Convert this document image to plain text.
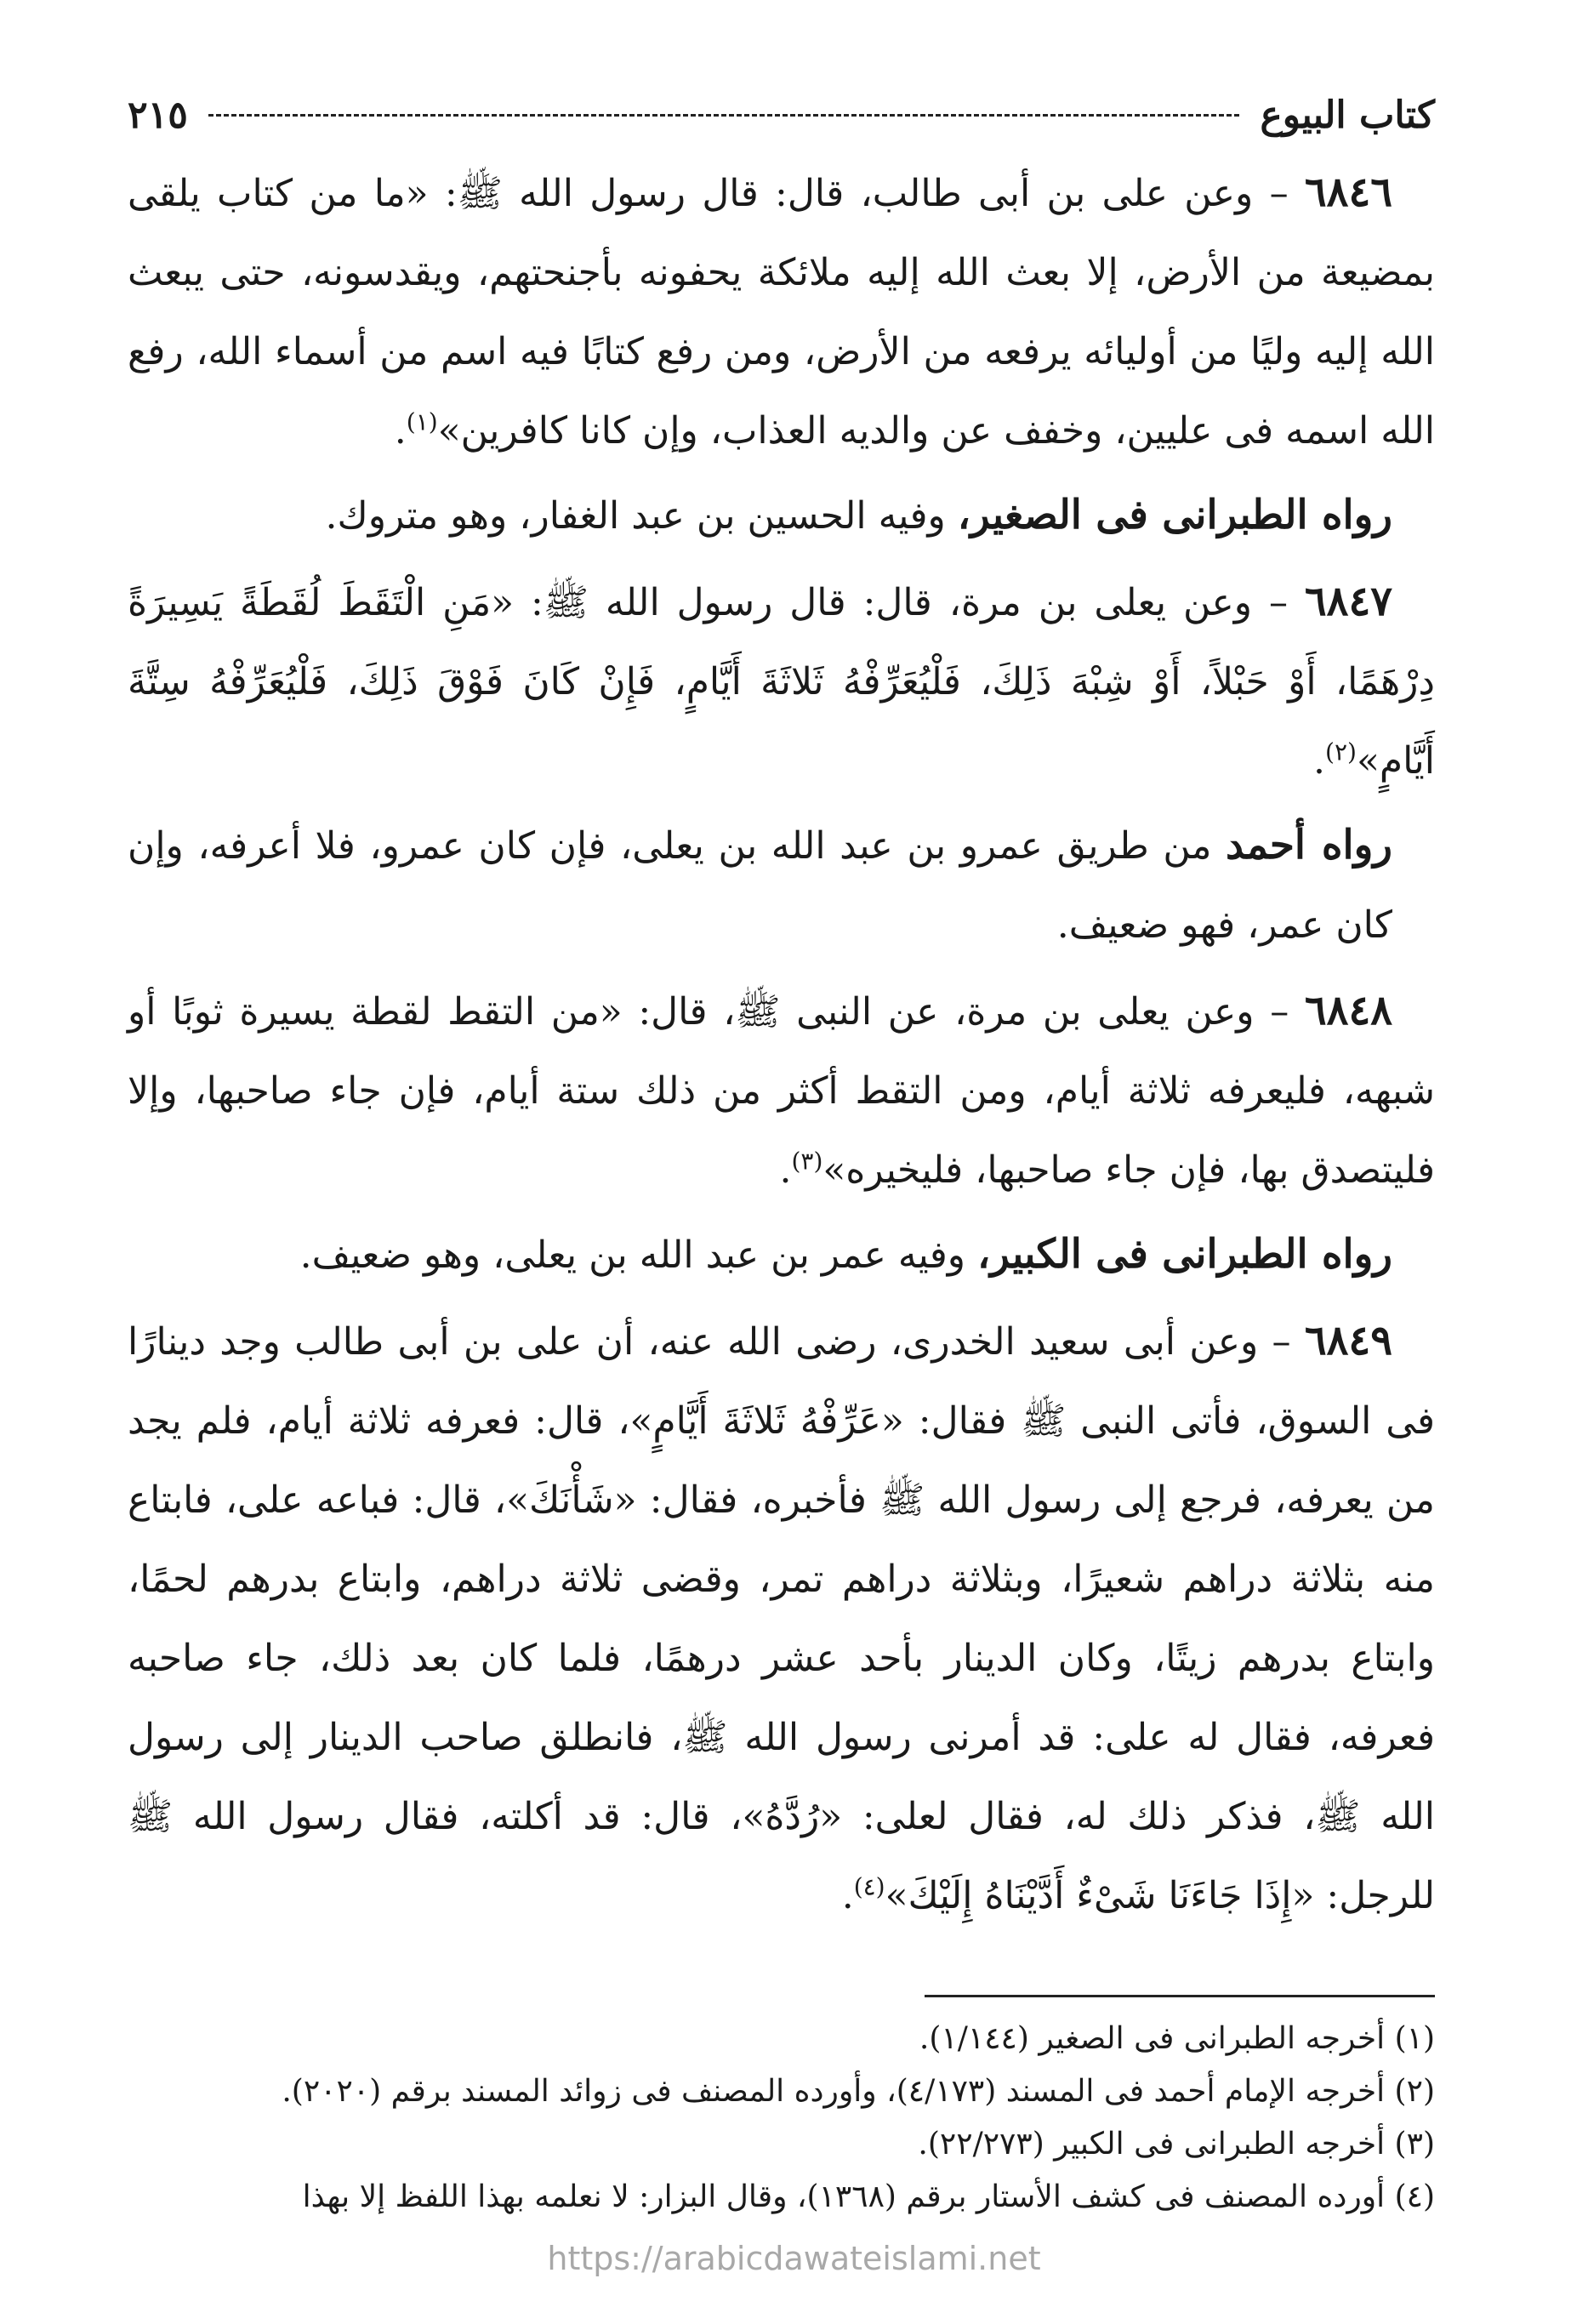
كتاب البيوع
٢١٥

٦٨٤٦ – وعن على بن أبى طالب، قال: قال رسول الله ﷺ: «ما من كتاب يلقى بمضيعة من الأرض، إلا بعث الله إليه ملائكة يحفونه بأجنحتهم، ويقدسونه، حتى يبعث الله إليه وليًا من أوليائه يرفعه من الأرض، ومن رفع كتابًا فيه اسم من أسماء الله، رفع الله اسمه فى عليين، وخفف عن والديه العذاب، وإن كانا كافرين»$^{(١)}$.

رواه الطبرانى فى الصغير، وفيه الحسين بن عبد الغفار، وهو متروك.

٦٨٤٧ – وعن يعلى بن مرة، قال: قال رسول الله ﷺ: «مَنِ الْتَقَطَ لُقَطَةً يَسِيرَةً دِرْهَمًا، أَوْ حَبْلاً، أَوْ شِبْهَ ذَلِكَ، فَلْيُعَرِّفْهُ ثَلاثَةَ أَيَّامٍ، فَإِنْ كَانَ فَوْقَ ذَلِكَ، فَلْيُعَرِّفْهُ سِتَّةَ أَيَّامٍ»$^{(٢)}$.

رواه أحمد من طريق عمرو بن عبد الله بن يعلى، فإن كان عمرو، فلا أعرفه، وإن كان عمر، فهو ضعيف.

٦٨٤٨ – وعن يعلى بن مرة، عن النبى ﷺ، قال: «من التقط لقطة يسيرة ثوبًا أو شبهه، فليعرفه ثلاثة أيام، ومن التقط أكثر من ذلك ستة أيام، فإن جاء صاحبها، وإلا فليتصدق بها، فإن جاء صاحبها، فليخيره»$^{(٣)}$.

رواه الطبرانى فى الكبير، وفيه عمر بن عبد الله بن يعلى، وهو ضعيف.

٦٨٤٩ – وعن أبى سعيد الخدرى، رضى الله عنه، أن على بن أبى طالب وجد دينارًا فى السوق، فأتى النبى ﷺ فقال: «عَرِّفْهُ ثَلاثَةَ أَيَّامٍ»، قال: فعرفه ثلاثة أيام، فلم يجد من يعرفه، فرجع إلى رسول الله ﷺ فأخبره، فقال: «شَأْنَكَ»، قال: فباعه على، فابتاع منه بثلاثة دراهم شعيرًا، وبثلاثة دراهم تمر، وقضى ثلاثة دراهم، وابتاع بدرهم لحمًا، وابتاع بدرهم زيتًا، وكان الدينار بأحد عشر درهمًا، فلما كان بعد ذلك، جاء صاحبه فعرفه، فقال له على: قد أمرنى رسول الله ﷺ، فانطلق صاحب الدينار إلى رسول الله ﷺ، فذكر ذلك له، فقال لعلى: «رُدَّهُ»، قال: قد أكلته، فقال رسول الله ﷺ للرجل: «إِذَا جَاءَنَا شَىْءٌ أَدَّيْنَاهُ إِلَيْكَ»$^{(٤)}$.

(١) أخرجه الطبرانى فى الصغير (١/١٤٤).

(٢) أخرجه الإمام أحمد فى المسند (٤/١٧٣)، وأورده المصنف فى زوائد المسند برقم (٢٠٢٠).

(٣) أخرجه الطبرانى فى الكبير (٢٢/٢٧٣).

(٤) أورده المصنف فى كشف الأستار برقم (١٣٦٨)، وقال البزار: لا نعلمه بهذا اللفظ إلا بهذا

https://arabicdawateislami.net
